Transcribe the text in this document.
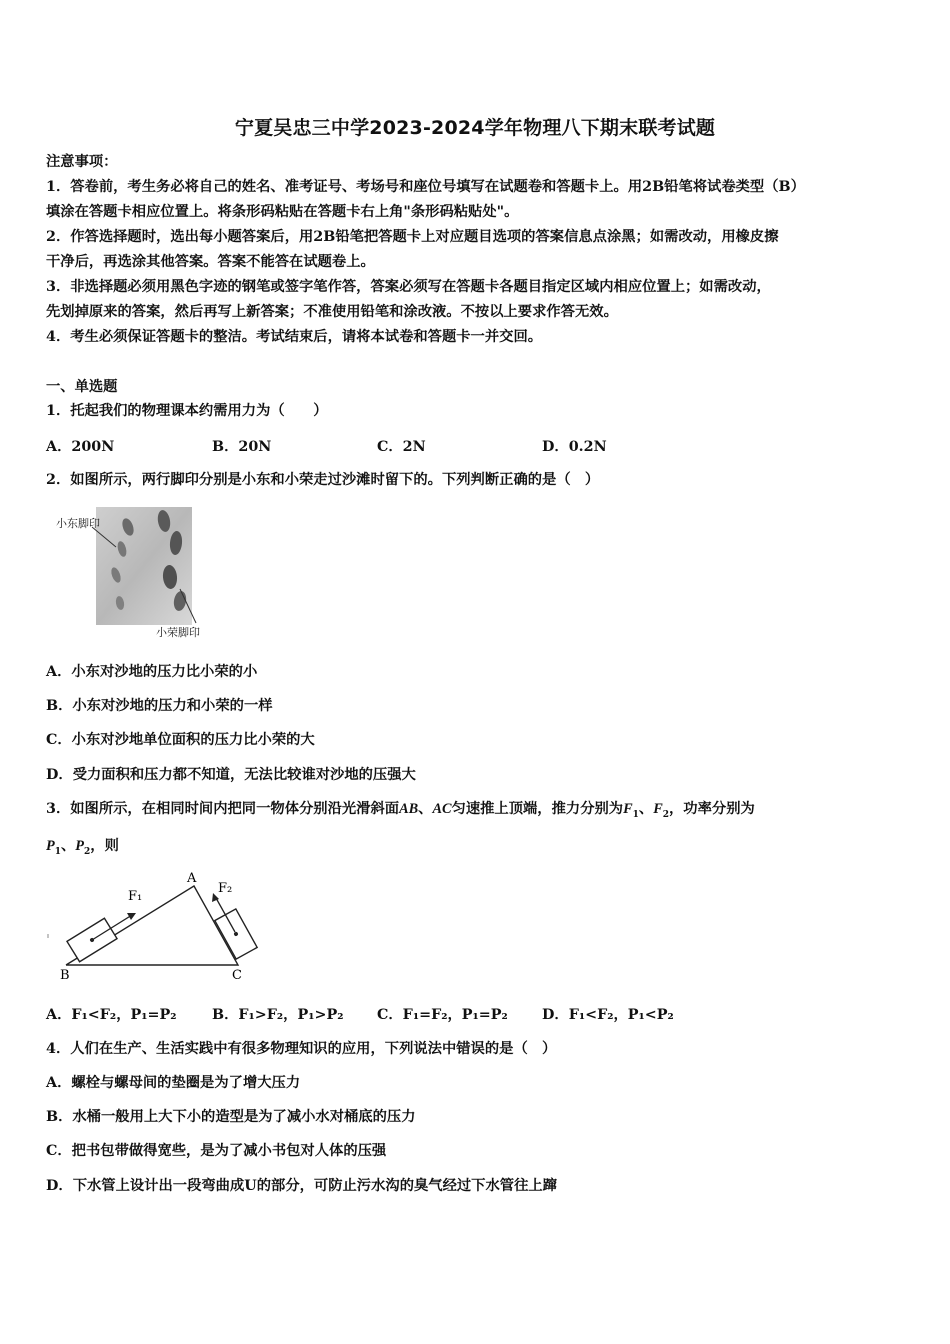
宁夏吴忠三中学2023-2024学年物理八下期末联考试题
注意事项：
1．答卷前，考生务必将自己的姓名、准考证号、考场号和座位号填写在试题卷和答题卡上。用2B铅笔将试卷类型（B）
填涂在答题卡相应位置上。将条形码粘贴在答题卡右上角"条形码粘贴处"。
2．作答选择题时，选出每小题答案后，用2B铅笔把答题卡上对应题目选项的答案信息点涂黑；如需改动，用橡皮擦
干净后，再选涂其他答案。答案不能答在试题卷上。
3．非选择题必须用黑色字迹的钢笔或签字笔作答，答案必须写在答题卡各题目指定区域内相应位置上；如需改动，
先划掉原来的答案，然后再写上新答案；不准使用铅笔和涂改液。不按以上要求作答无效。
4．考生必须保证答题卡的整洁。考试结束后，请将本试卷和答题卡一并交回。
一、单选题
1．托起我们的物理课本约需用力为（　　）
A．200N	B．20N	C．2N	D．0.2N
2．如图所示，两行脚印分别是小东和小荣走过沙滩时留下的。下列判断正确的是（　）
小东脚印
小荣脚印
A．小东对沙地的压力比小荣的小
B．小东对沙地的压力和小荣的一样
C．小东对沙地单位面积的压力比小荣的大
D．受力面积和压力都不知道，无法比较谁对沙地的压强大
3．如图所示，在相同时间内把同一物体分别沿光滑斜面AB、AC匀速推上顶端，推力分别为$F_1$、$F_2$，功率分别为
$P_1$、$P_2$，则
A
B	C
F₁
F₂
A．F₁<F₂，P₁=P₂ B．F₁>F₂，P₁>P₂ C．F₁=F₂，P₁=P₂ D．F₁<F₂，P₁<P₂
4．人们在生产、生活实践中有很多物理知识的应用，下列说法中错误的是（　）
A．螺栓与螺母间的垫圈是为了增大压力
B．水桶一般用上大下小的造型是为了减小水对桶底的压力
C．把书包带做得宽些，是为了减小书包对人体的压强
D．下水管上设计出一段弯曲成U的部分，可防止污水沟的臭气经过下水管往上蹿
